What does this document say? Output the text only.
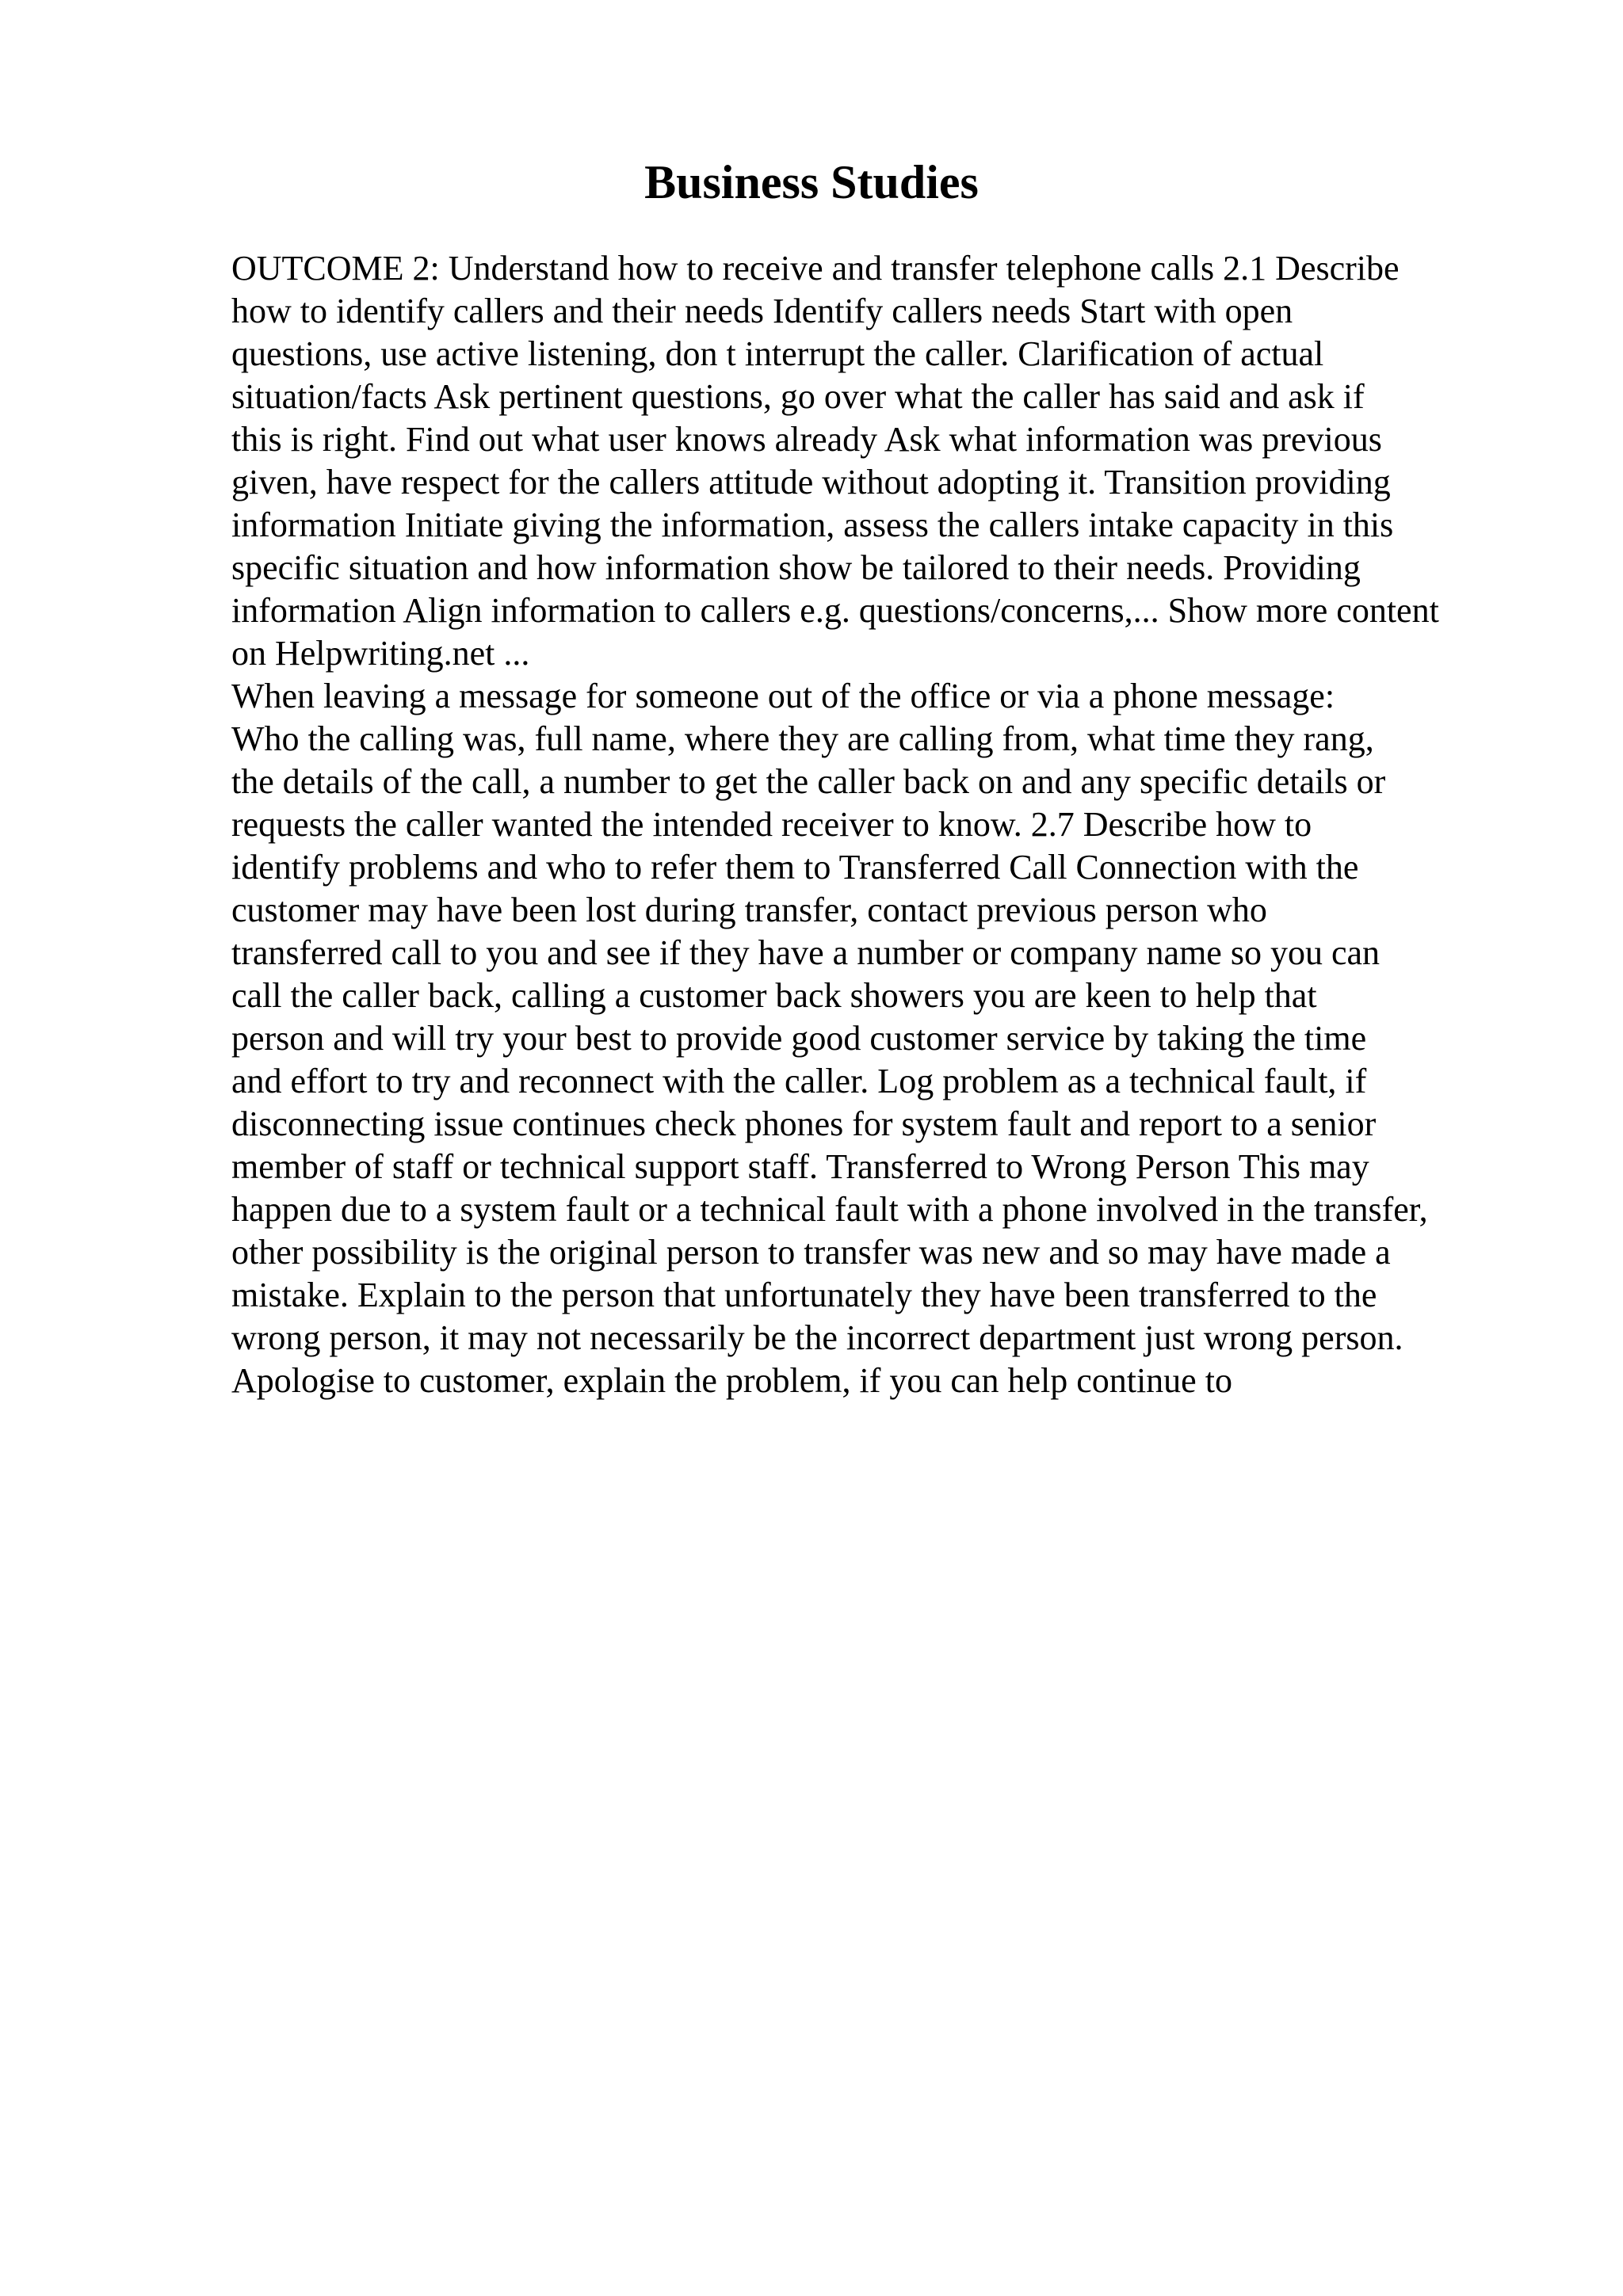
Business Studies
OUTCOME 2: Understand how to receive and transfer telephone calls 2.1 Describe
how to identify callers and their needs Identify callers needs Start with open
questions, use active listening, don t interrupt the caller. Clarification of actual
situation/facts Ask pertinent questions, go over what the caller has said and ask if
this is right. Find out what user knows already Ask what information was previous
given, have respect for the callers attitude without adopting it. Transition providing
information Initiate giving the information, assess the callers intake capacity in this
specific situation and how information show be tailored to their needs. Providing
information Align information to callers e.g. questions/concerns,... Show more content
on Helpwriting.net ...
When leaving a message for someone out of the office or via a phone message:
Who the calling was, full name, where they are calling from, what time they rang,
the details of the call, a number to get the caller back on and any specific details or
requests the caller wanted the intended receiver to know. 2.7 Describe how to
identify problems and who to refer them to Transferred Call Connection with the
customer may have been lost during transfer, contact previous person who
transferred call to you and see if they have a number or company name so you can
call the caller back, calling a customer back showers you are keen to help that
person and will try your best to provide good customer service by taking the time
and effort to try and reconnect with the caller. Log problem as a technical fault, if
disconnecting issue continues check phones for system fault and report to a senior
member of staff or technical support staff. Transferred to Wrong Person This may
happen due to a system fault or a technical fault with a phone involved in the transfer,
other possibility is the original person to transfer was new and so may have made a
mistake. Explain to the person that unfortunately they have been transferred to the
wrong person, it may not necessarily be the incorrect department just wrong person.
Apologise to customer, explain the problem, if you can help continue to
